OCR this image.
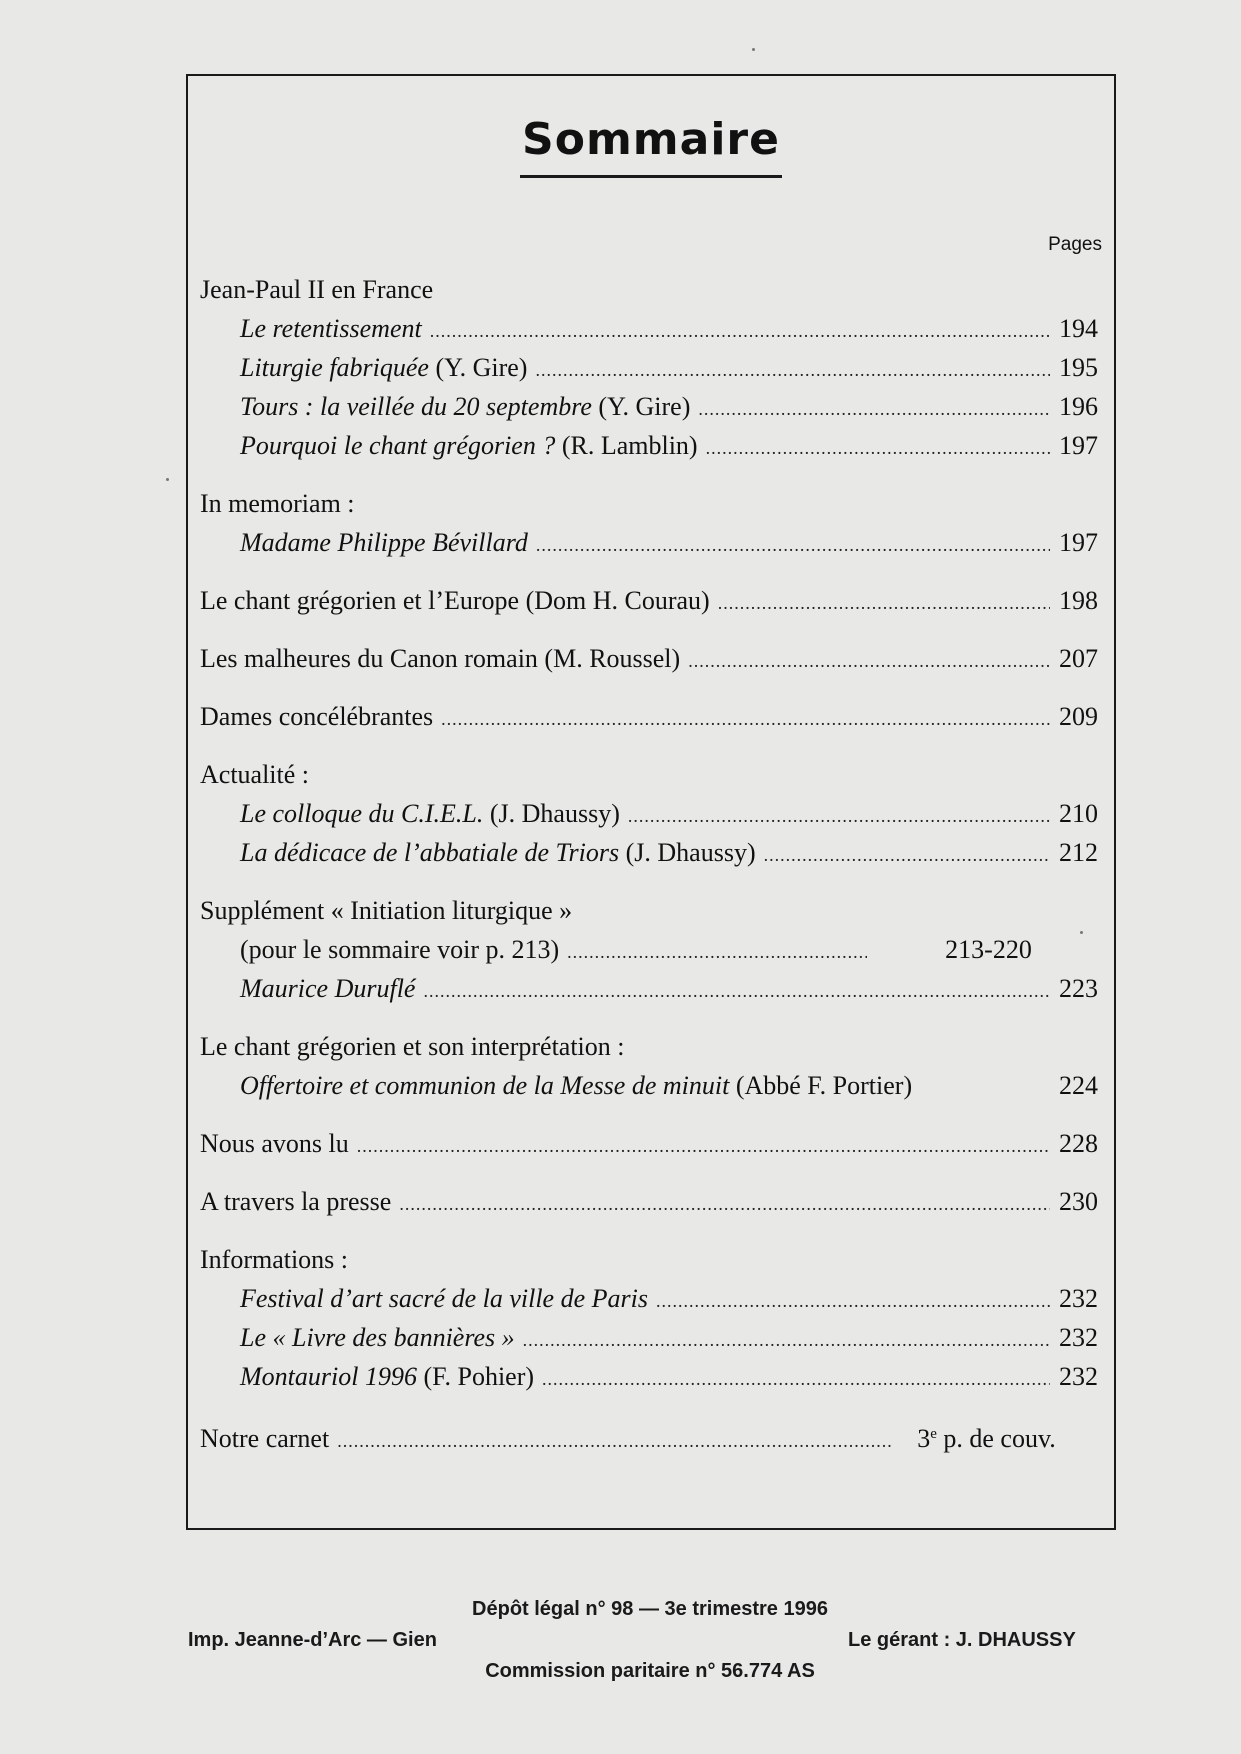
Sommaire
Pages
Jean-Paul II en France
Le retentissement .....	194
Liturgie fabriquée (Y. Gire) .....	195
Tours : la veillée du 20 septembre (Y. Gire) .....	196
Pourquoi le chant grégorien ? (R. Lamblin) .....	197
In memoriam :
Madame Philippe Bévillard .....	197
Le chant grégorien et l’Europe (Dom H. Courau) .....	198
Les malheures du Canon romain (M. Roussel) .....	207
Dames concélébrantes .....	209
Actualité :
Le colloque du C.I.E.L. (J. Dhaussy) .....	210
La dédicace de l’abbatiale de Triors (J. Dhaussy) .....	212
Supplément « Initiation liturgique »
(pour le sommaire voir p. 213) .....	213-220
Maurice Duruflé .....	223
Le chant grégorien et son interprétation :
Offertoire et communion de la Messe de minuit (Abbé F. Portier)	224
Nous avons lu .....	228
A travers la presse .....	230
Informations :
Festival d’art sacré de la ville de Paris .....	232
Le « Livre des bannières » .....	232
Montauriol 1996 (F. Pohier) .....	232
Notre carnet .....	3e p. de couv.
Dépôt légal n° 98 — 3e trimestre 1996
Imp. Jeanne-d’Arc — Gien	Le gérant : J. DHAUSSY
Commission paritaire n° 56.774 AS
